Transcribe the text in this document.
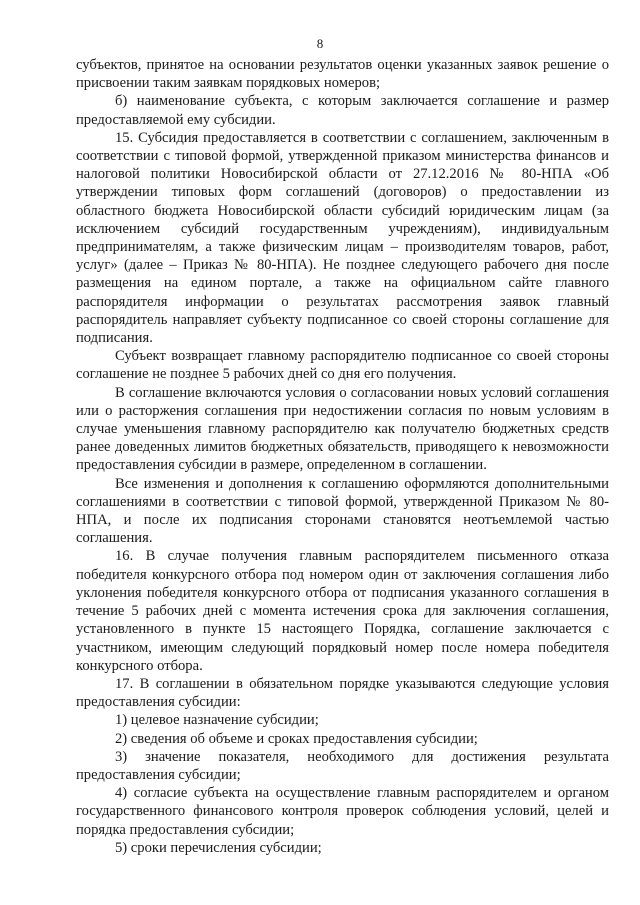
8

субъектов, принятое на основании результатов оценки указанных заявок решение о присвоении таким заявкам порядковых номеров;

б) наименование субъекта, с которым заключается соглашение и размер предоставляемой ему субсидии.

15. Субсидия предоставляется в соответствии с соглашением, заключенным в соответствии с типовой формой, утвержденной приказом министерства финансов и налоговой политики Новосибирской области от 27.12.2016 № 80-НПА «Об утверждении типовых форм соглашений (договоров) о предоставлении из областного бюджета Новосибирской области субсидий юридическим лицам (за исключением субсидий государственным учреждениям), индивидуальным предпринимателям, а также физическим лицам – производителям товаров, работ, услуг» (далее – Приказ № 80-НПА). Не позднее следующего рабочего дня после размещения на едином портале, а также на официальном сайте главного распорядителя информации о результатах рассмотрения заявок главный распорядитель направляет субъекту подписанное со своей стороны соглашение для подписания.

Субъект возвращает главному распорядителю подписанное со своей стороны соглашение не позднее 5 рабочих дней со дня его получения.

В соглашение включаются условия о согласовании новых условий соглашения или о расторжения соглашения при недостижении согласия по новым условиям в случае уменьшения главному распорядителю как получателю бюджетных средств ранее доведенных лимитов бюджетных обязательств, приводящего к невозможности предоставления субсидии в размере, определенном в соглашении.

Все изменения и дополнения к соглашению оформляются дополнительными соглашениями в соответствии с типовой формой, утвержденной Приказом № 80-НПА, и после их подписания сторонами становятся неотъемлемой частью соглашения.

16. В случае получения главным распорядителем письменного отказа победителя конкурсного отбора под номером один от заключения соглашения либо уклонения победителя конкурсного отбора от подписания указанного соглашения в течение 5 рабочих дней с момента истечения срока для заключения соглашения, установленного в пункте 15 настоящего Порядка, соглашение заключается с участником, имеющим следующий порядковый номер после номера победителя конкурсного отбора.

17. В соглашении в обязательном порядке указываются следующие условия предоставления субсидии:

1) целевое назначение субсидии;

2) сведения об объеме и сроках предоставления субсидии;

3) значение показателя, необходимого для достижения результата предоставления субсидии;

4) согласие субъекта на осуществление главным распорядителем и органом государственного финансового контроля проверок соблюдения условий, целей и порядка предоставления субсидии;

5) сроки перечисления субсидии;
